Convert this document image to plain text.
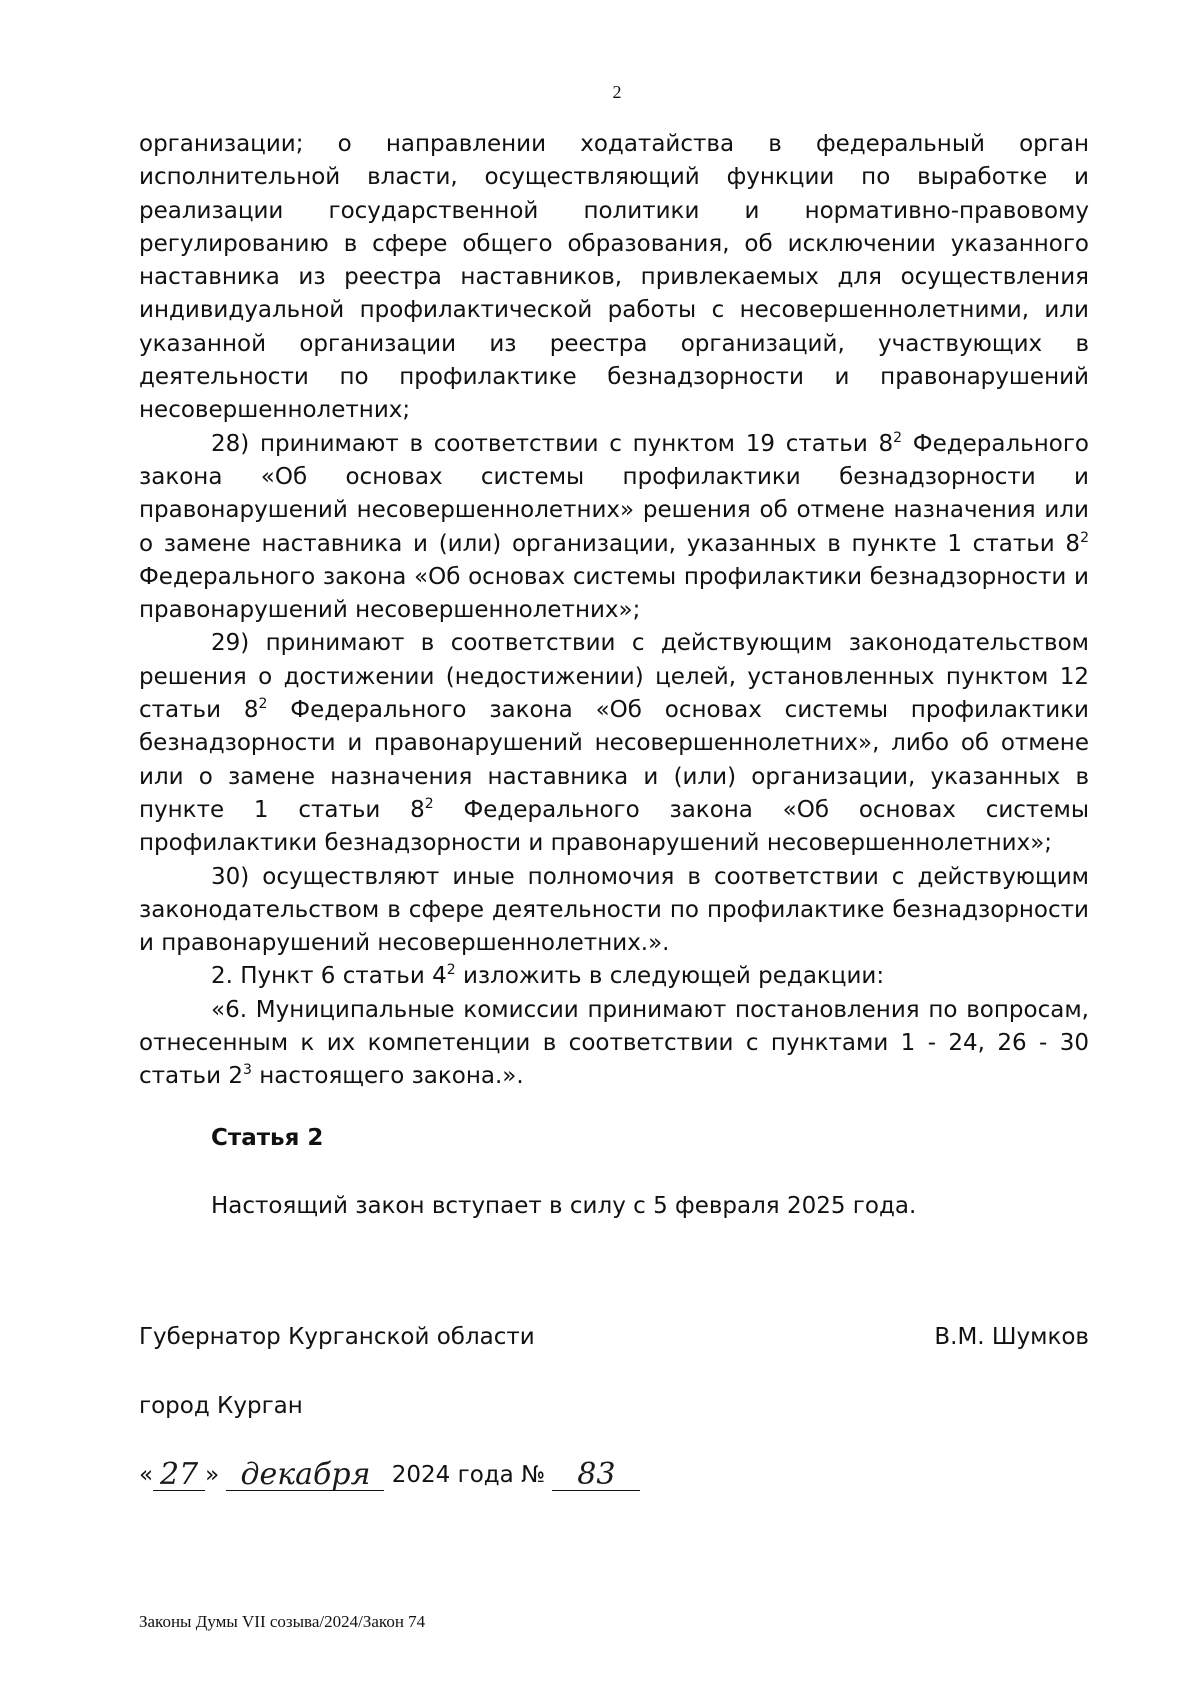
2

организации; о направлении ходатайства в федеральный орган исполнительной власти, осуществляющий функции по выработке и реализации государственной политики и нормативно-правовому регулированию в сфере общего образования, об исключении указанного наставника из реестра наставников, привлекаемых для осуществления индивидуальной профилактической работы с несовершеннолетними, или указанной организации из реестра организаций, участвующих в деятельности по профилактике безнадзорности и правонарушений несовершеннолетних;

28) принимают в соответствии с пунктом 19 статьи $8^2$ Федерального закона «Об основах системы профилактики безнадзорности и правонарушений несовершеннолетних» решения об отмене назначения или о замене наставника и (или) организации, указанных в пункте 1 статьи $8^2$ Федерального закона «Об основах системы профилактики безнадзорности и правонарушений несовершеннолетних»;

29) принимают в соответствии с действующим законодательством решения о достижении (недостижении) целей, установленных пунктом 12 статьи $8^2$ Федерального закона «Об основах системы профилактики безнадзорности и правонарушений несовершеннолетних», либо об отмене или о замене назначения наставника и (или) организации, указанных в пункте 1 статьи $8^2$ Федерального закона «Об основах системы профилактики безнадзорности и правонарушений несовершеннолетних»;

30) осуществляют иные полномочия в соответствии с действующим законодательством в сфере деятельности по профилактике безнадзорности и правонарушений несовершеннолетних.».

2. Пункт 6 статьи $4^2$ изложить в следующей редакции:

«6. Муниципальные комиссии принимают постановления по вопросам, отнесенным к их компетенции в соответствии с пунктами 1 - 24, 26 - 30 статьи $2^3$ настоящего закона.».

Статья 2
Настоящий закон вступает в силу с 5 февраля 2025 года.
Губернатор Курганской области	В.М. Шумков
город Курган
« 27 » декабря 2024 года № 83
Законы Думы VII созыва/2024/Закон 74
